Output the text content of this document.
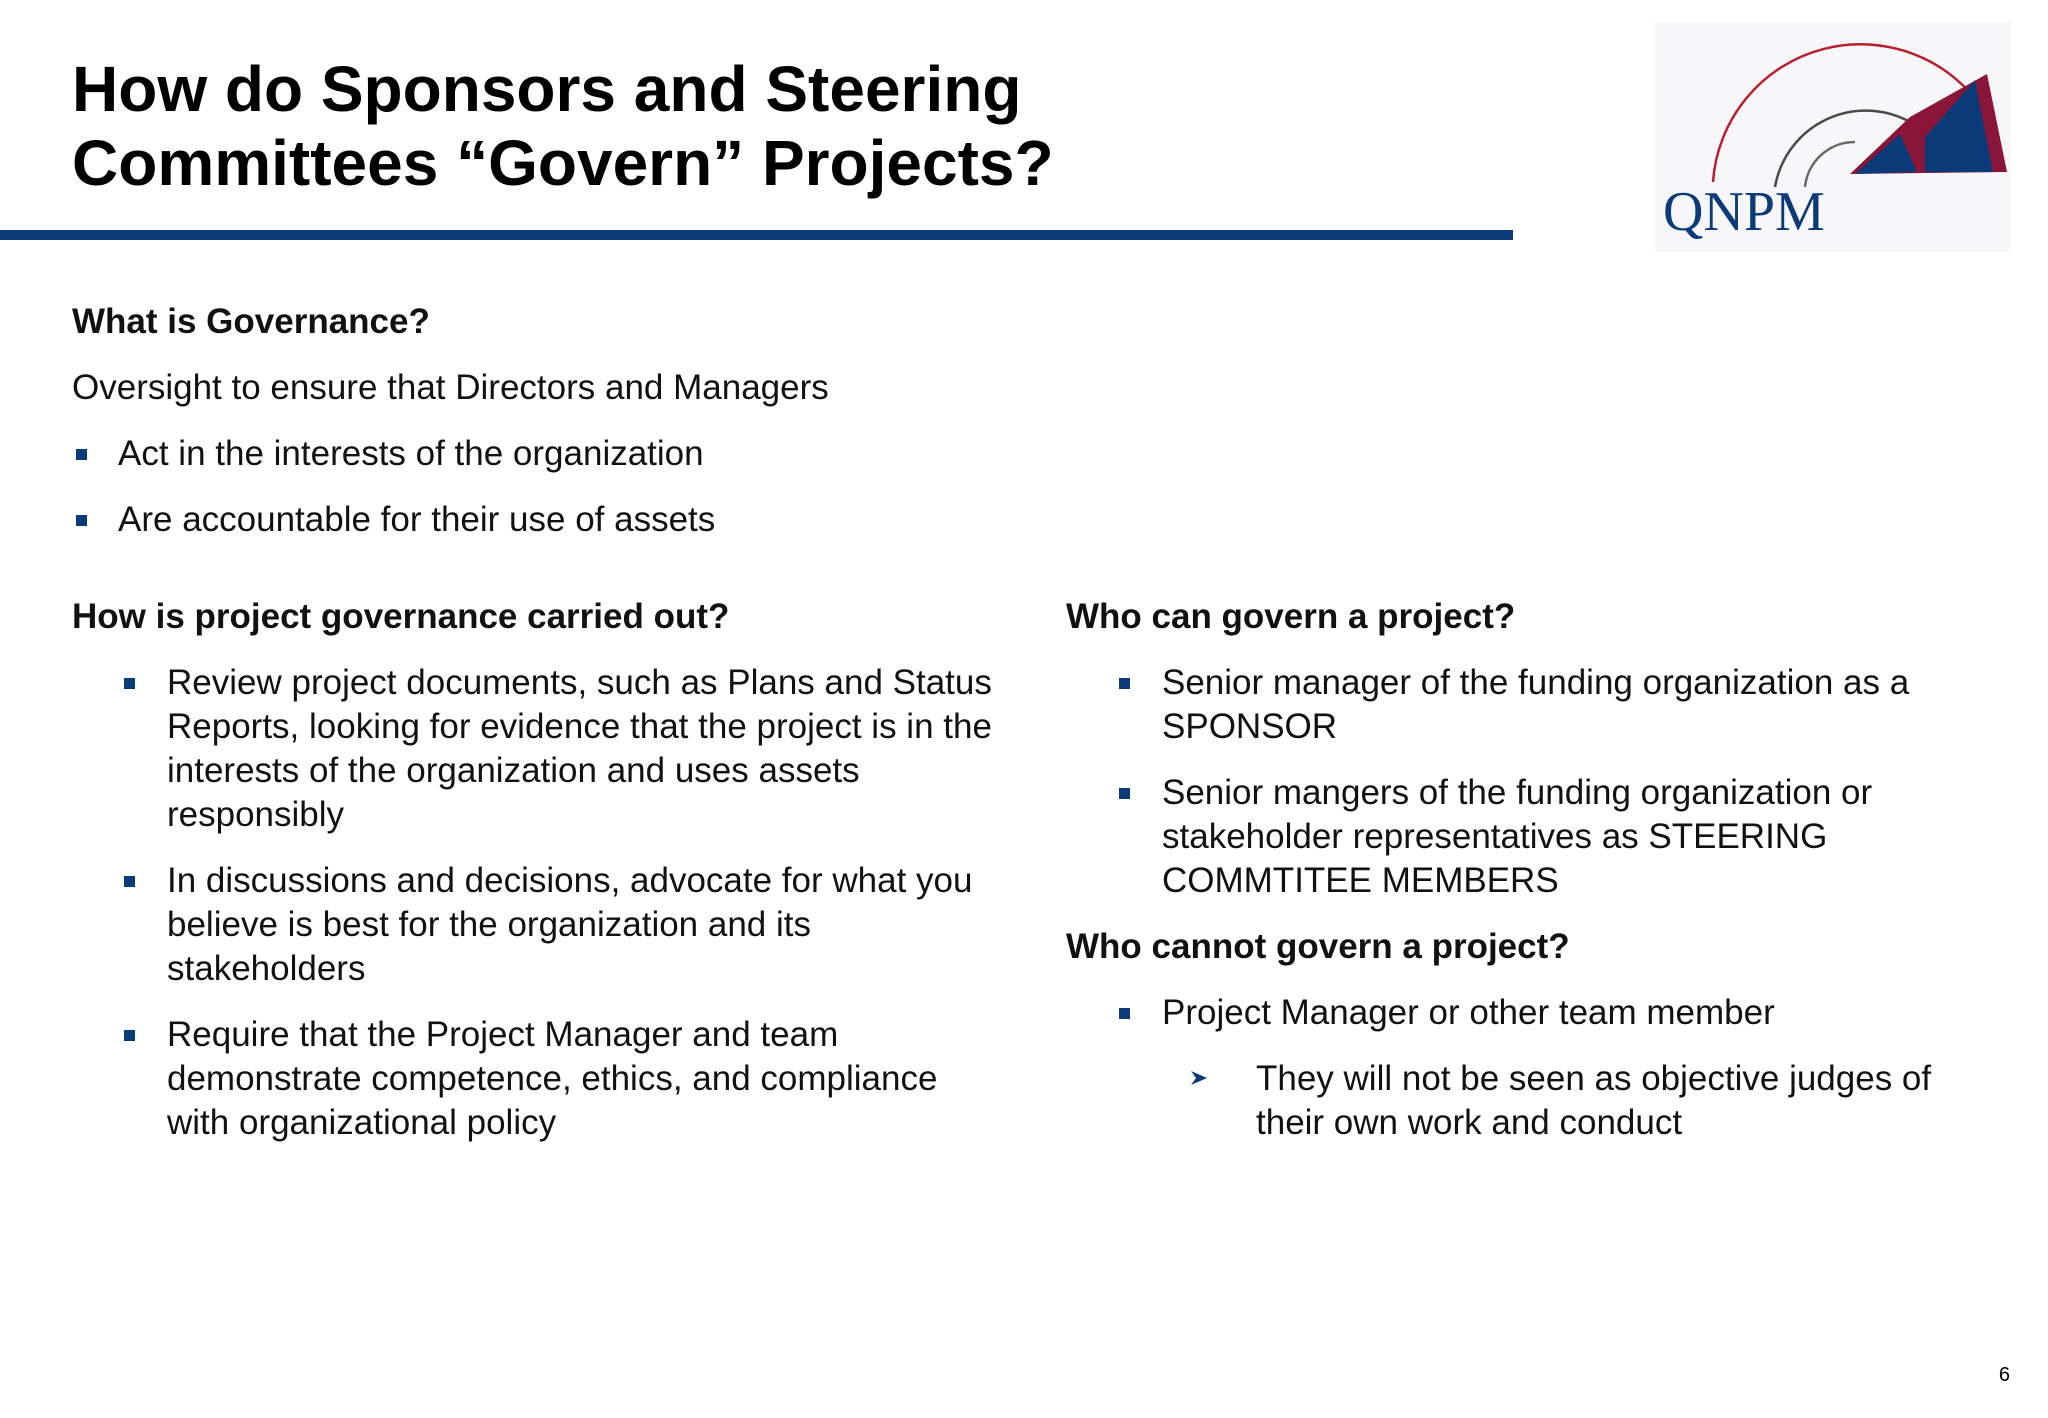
How do Sponsors and Steering
Committees “Govern” Projects?
QNPM

What is Governance?

Oversight to ensure that Directors and Managers

Act in the interests of the organization
Are accountable for their use of assets

How is project governance carried out?

Review project documents, such as Plans and Status Reports, looking for evidence that the project is in the interests of the organization and uses assets responsibly
In discussions and decisions, advocate for what you believe is best for the organization and its stakeholders
Require that the Project Manager and team demonstrate competence, ethics, and compliance with organizational policy

Who can govern a project?

Senior manager of the funding organization as a SPONSOR
Senior mangers of the funding organization or stakeholder representatives as STEERING COMMTITEE MEMBERS

Who cannot govern a project?

Project Manager or other team member
They will not be seen as objective judges of their own work and conduct
6
